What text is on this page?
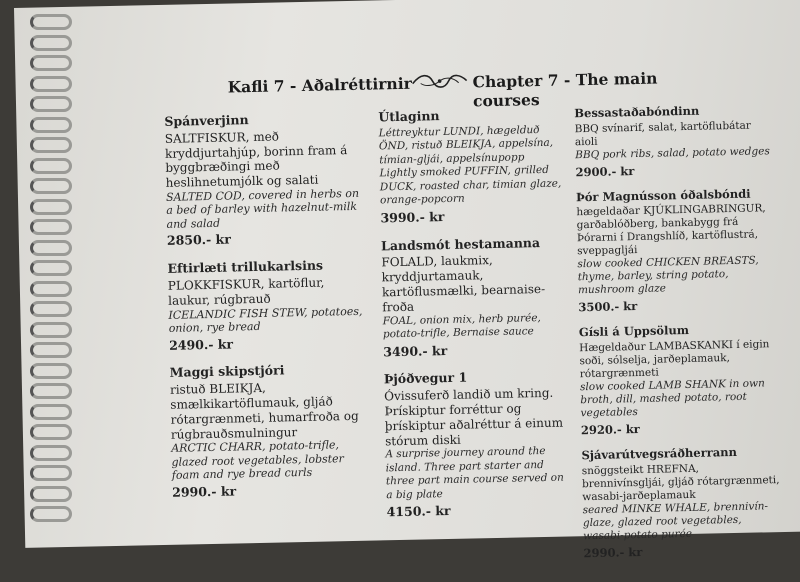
Kafli 7 - Aðalréttirnir	Chapter 7 - The main courses
Spánverjinn
SALTFISKUR, með kryddjurtahjúp, borinn fram á byggbræðingi með heslihnetumjólk og salati
SALTED COD, covered in herbs on a bed of barley with hazelnut-milk and salad
2850.- kr
Eftirlæti trillukarlsins
PLOKKFISKUR, kartöflur, laukur, rúgbrauð
ICELANDIC FISH STEW, potatoes, onion, rye bread
2490.- kr
Maggi skipstjóri
ristuð BLEIKJA, smælkikartöflumauk, gljáð rótargrænmeti, humarfroða og rúgbrauðsmulningur
ARCTIC CHARR, potato-trifle, glazed root vegetables, lobster foam and rye bread curls
2990.- kr
Útlaginn
Léttreyktur LUNDI, hægelduð ÖND, ristuð BLEIKJA, appelsína, tímian-gljái, appelsínupopp
Lightly smoked PUFFIN, grilled DUCK, roasted char, timian glaze, orange-popcorn
3990.- kr
Landsmót hestamanna
FOLALD, laukmix, kryddjurtamauk, kartöflusmælki, bearnaise-froða
FOAL, onion mix, herb purée, potato-trifle, Bernaise sauce
3490.- kr
Þjóðvegur 1
Óvissuferð landið um kring. Þrískiptur forréttur og þrískiptur aðalréttur á einum stórum diski
A surprise journey around the island. Three part starter and three part main course served on a big plate
4150.- kr
Bessastaðabóndinn
BBQ svínarif, salat, kartöflubátar aioli
BBQ pork ribs, salad, potato wedges
2900.- kr
Þór Magnússon óðalsbóndi
hægeldaðar KJÚKLINGABRINGUR, garðablóðberg, bankabygg frá Þórarni í Drangshlíð, kartöflustrá, sveppagljái
slow cooked CHICKEN BREASTS, thyme, barley, string potato, mushroom glaze
3500.- kr
Gísli á Uppsölum
Hægeldaður LAMBASKANKI í eigin soði, sólselja, jarðeplamauk, rótargrænmeti
slow cooked LAMB SHANK in own broth, dill, mashed potato, root vegetables
2920.- kr
Sjávarútvegsráðherrann
snöggsteikt HREFNA, brennivínsgljái, gljáð rótargrænmeti, wasabi-jarðeplamauk
seared MINKE WHALE, brennivín-glaze, glazed root vegetables, wasabi-potato purée
2990.- kr
